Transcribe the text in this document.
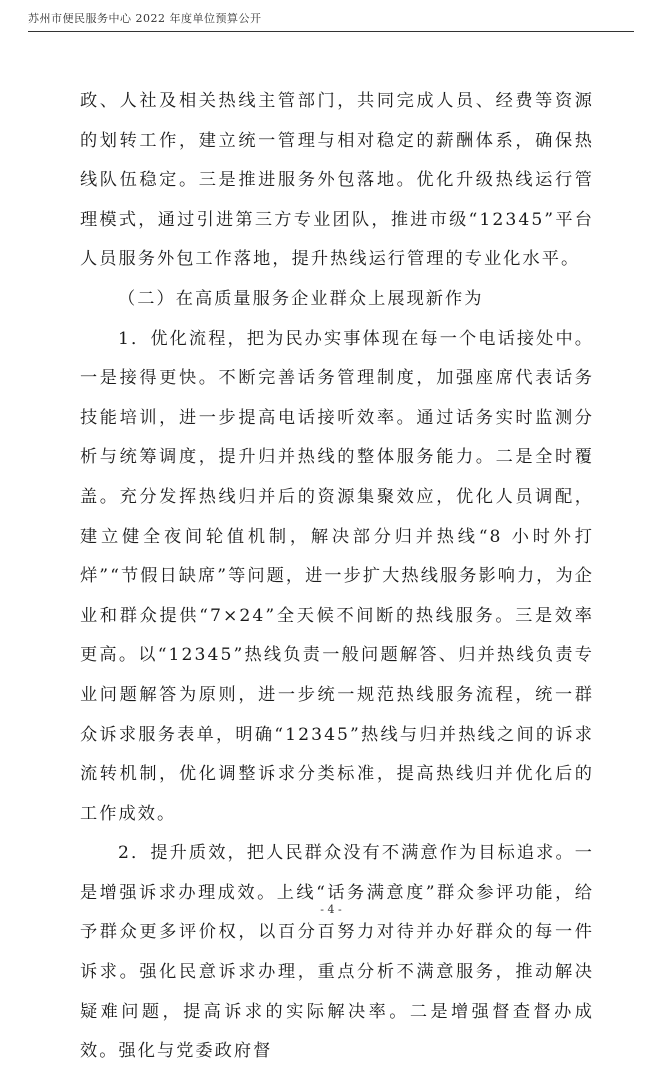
苏州市便民服务中心 2022 年度单位预算公开

政、人社及相关热线主管部门，共同完成人员、经费等资源的划转工作，建立统一管理与相对稳定的薪酬体系，确保热线队伍稳定。三是推进服务外包落地。优化升级热线运行管理模式，通过引进第三方专业团队，推进市级“12345”平台人员服务外包工作落地，提升热线运行管理的专业化水平。

（二）在高质量服务企业群众上展现新作为

1．优化流程，把为民办实事体现在每一个电话接处中。一是接得更快。不断完善话务管理制度，加强座席代表话务技能培训，进一步提高电话接听效率。通过话务实时监测分析与统筹调度，提升归并热线的整体服务能力。二是全时覆盖。充分发挥热线归并后的资源集聚效应，优化人员调配，建立健全夜间轮值机制，解决部分归并热线“8 小时外打烊”“节假日缺席”等问题，进一步扩大热线服务影响力，为企业和群众提供“7×24”全天候不间断的热线服务。三是效率更高。以“12345”热线负责一般问题解答、归并热线负责专业问题解答为原则，进一步统一规范热线服务流程，统一群众诉求服务表单，明确“12345”热线与归并热线之间的诉求流转机制，优化调整诉求分类标准，提高热线归并优化后的工作成效。

2．提升质效，把人民群众没有不满意作为目标追求。一是增强诉求办理成效。上线“话务满意度”群众参评功能，给予群众更多评价权，以百分百努力对待并办好群众的每一件诉求。强化民意诉求办理，重点分析不满意服务，推动解决疑难问题，提高诉求的实际解决率。二是增强督查督办成效。强化与党委政府督

- 4 -
